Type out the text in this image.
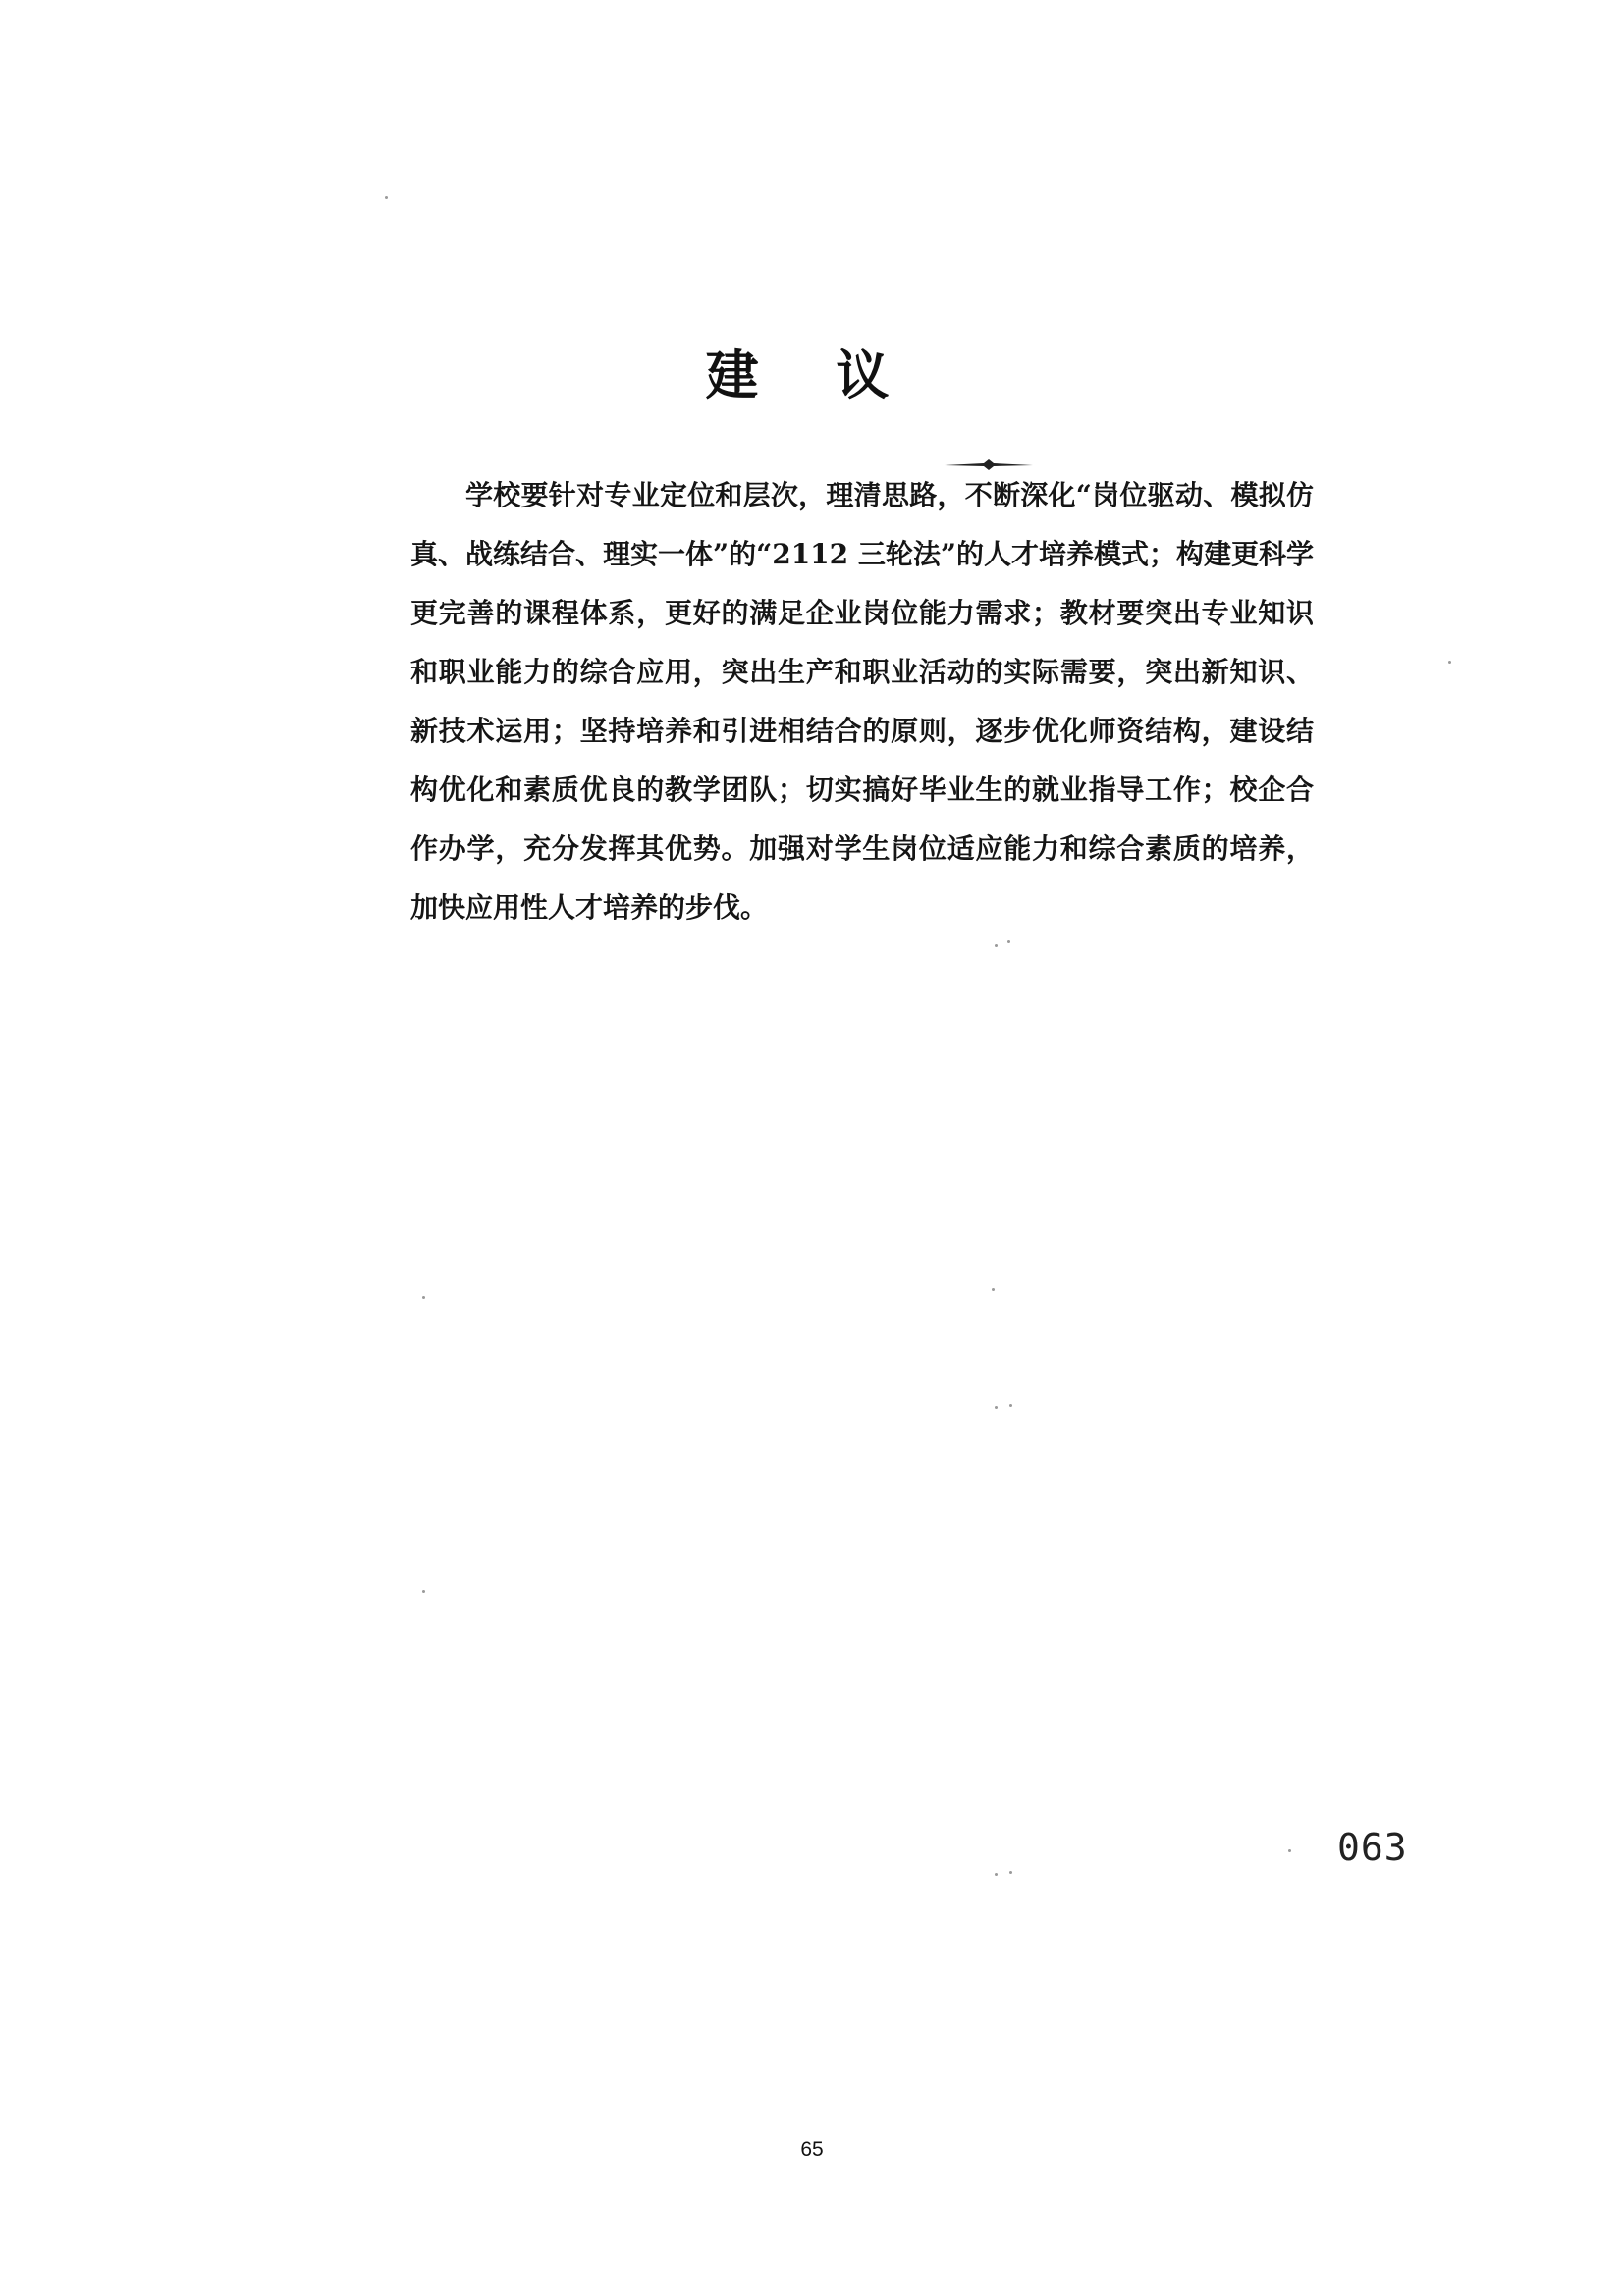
建 议

学校要针对专业定位和层次，理清思路，不断深化“岗位驱动、模拟仿真、战练结合、理实一体”的“2112 三轮法”的人才培养模式；构建更科学更完善的课程体系，更好的满足企业岗位能力需求；教材要突出专业知识和职业能力的综合应用，突出生产和职业活动的实际需要，突出新知识、新技术运用；坚持培养和引进相结合的原则，逐步优化师资结构，建设结构优化和素质优良的教学团队；切实搞好毕业生的就业指导工作；校企合作办学，充分发挥其优势。加强对学生岗位适应能力和综合素质的培养，加快应用性人才培养的步伐。

063
65
